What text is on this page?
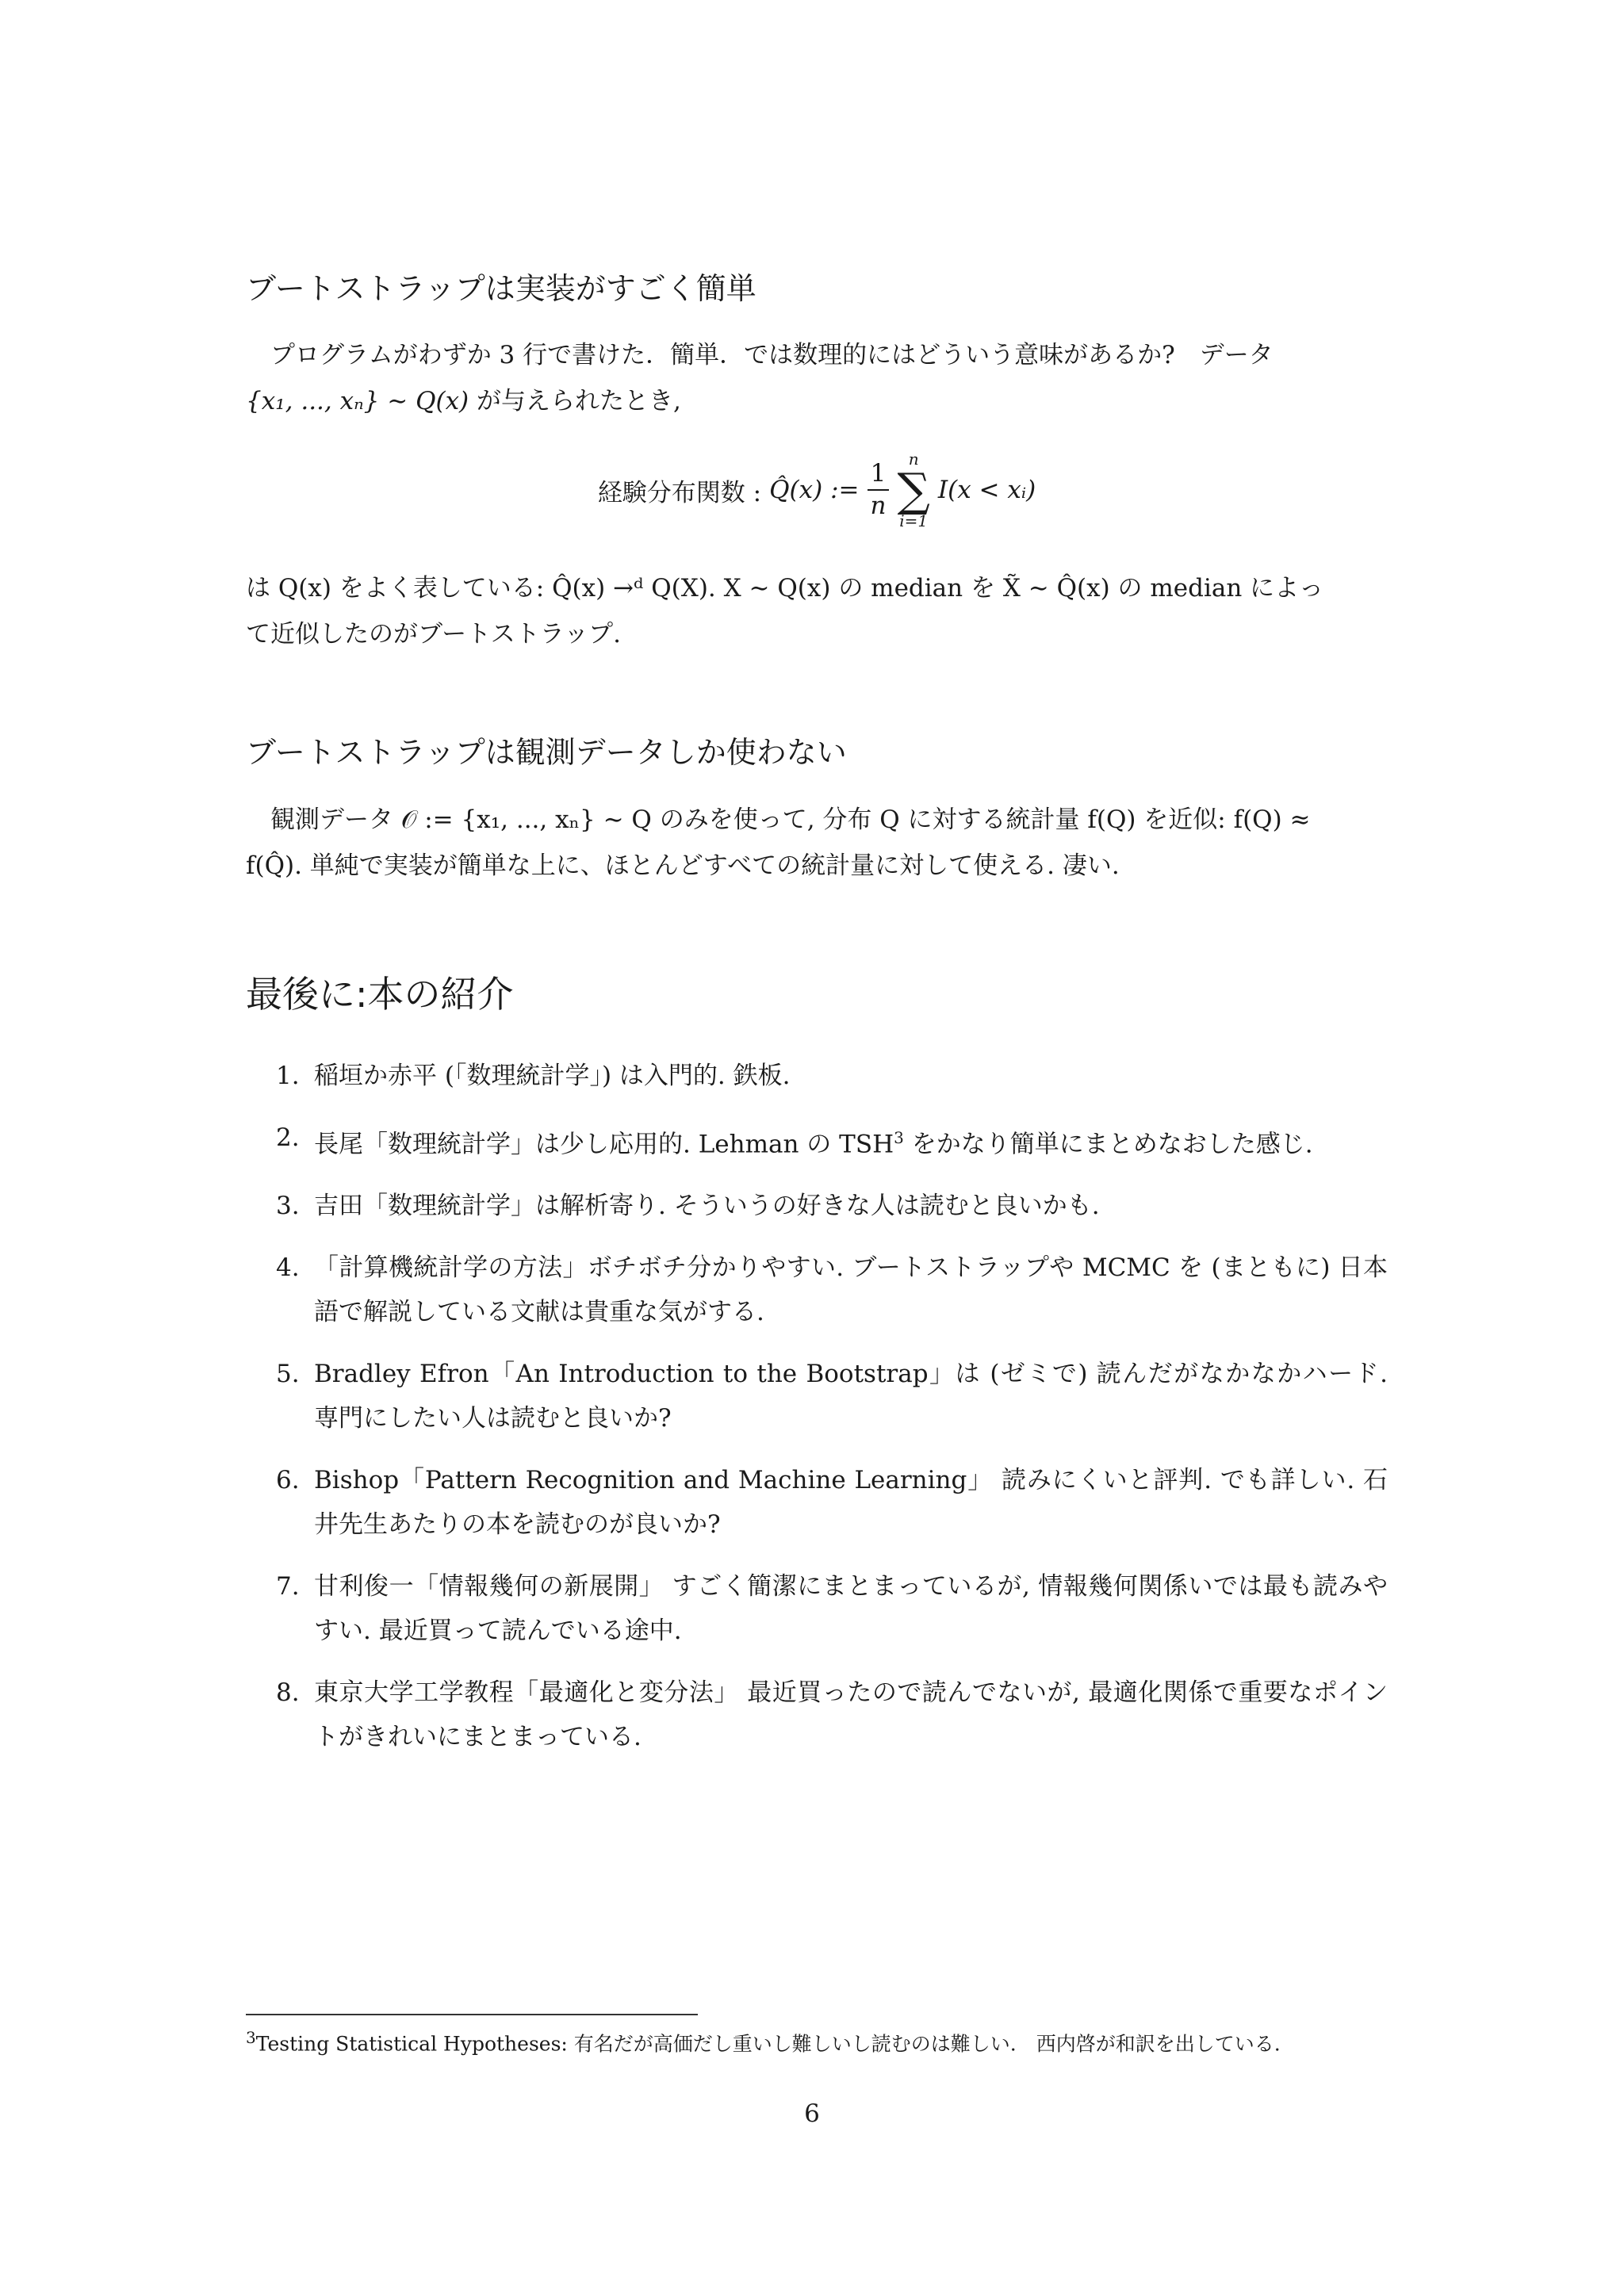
ブートストラップは実装がすごく簡単

プログラムがわずか 3 行で書けた．簡単．では数理的にはどういう意味があるか?　データ
{x₁, ..., xₙ} ∼ Q(x) が与えられたとき,

経験分布関数 : Q̂(x) := $\frac{1}{n}$
n
∑
i=1
I(x < xᵢ)

は Q(x) をよく表している: Q̂(x) →ᵈ Q(X). X ∼ Q(x) の median を X̃ ∼ Q̂(x) の median によっ
て近似したのがブートストラップ.

ブートストラップは観測データしか使わない

観測データ 𝒪 := {x₁, ..., xₙ} ∼ Q のみを使って, 分布 Q に対する統計量 f(Q) を近似: f(Q) ≈
f(Q̂). 単純で実装が簡単な上に、ほとんどすべての統計量に対して使える. 凄い.

最後に:本の紹介
1. 稲垣か赤平 (「数理統計学」) は入門的. 鉄板.
2. 長尾「数理統計学」は少し応用的. Lehman の TSH$^3$ をかなり簡単にまとめなおした感じ.
3. 吉田「数理統計学」は解析寄り. そういうの好きな人は読むと良いかも.
4. 「計算機統計学の方法」ボチボチ分かりやすい. ブートストラップや MCMC を (まともに) 日本語で解説している文献は貴重な気がする.
5. Bradley Efron「An Introduction to the Bootstrap」は (ゼミで) 読んだがなかなかハード. 専門にしたい人は読むと良いか?
6. Bishop「Pattern Recognition and Machine Learning」 読みにくいと評判. でも詳しい. 石井先生あたりの本を読むのが良いか?
7. 甘利俊一「情報幾何の新展開」 すごく簡潔にまとまっているが, 情報幾何関係いでは最も読みやすい. 最近買って読んでいる途中.
8. 東京大学工学教程「最適化と変分法」 最近買ったので読んでないが, 最適化関係で重要なポイントがきれいにまとまっている.
$^3$Testing Statistical Hypotheses: 有名だが高価だし重いし難しいし読むのは難しい.　西内啓が和訳を出している.
6
